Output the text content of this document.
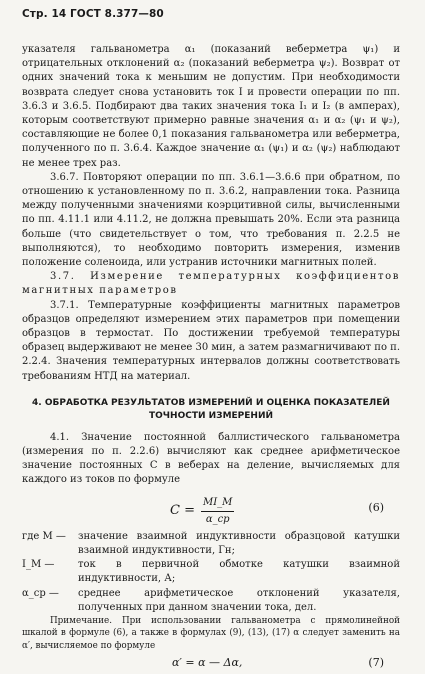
Стр. 14 ГОСТ 8.377—80

указателя гальванометра α₁ (показаний веберметра ψ₁) и отрицательных отклонений α₂ (показаний веберметра ψ₂). Возврат от одних значений тока к меньшим не допустим. При необходимости возврата следует снова установить ток I и провести операции по пп. 3.6.3 и 3.6.5. Подбирают два таких значения тока I₁ и I₂ (в амперах), которым соответствуют примерно равные значения α₁ и α₂ (ψ₁ и ψ₂), составляющие не более 0,1 показания гальванометра или веберметра, полученного по п. 3.6.4. Каждое значение α₁ (ψ₁) и α₂ (ψ₂) наблюдают не менее трех раз.

3.6.7. Повторяют операции по пп. 3.6.1—3.6.6 при обратном, по отношению к установленному по п. 3.6.2, направлении тока. Разница между полученными значениями коэрцитивной силы, вычисленными по пп. 4.11.1 или 4.11.2, не должна превышать 20%. Если эта разница больше (что свидетельствует о том, что требования п. 2.2.5 не выполняются), то необходимо повторить измерения, изменив положение соленоида, или устранив источники магнитных полей.

3.7. Измерение температурных коэффициентов магнитных параметров

3.7.1. Температурные коэффициенты магнитных параметров образцов определяют измерением этих параметров при помещении образцов в термостат. По достижении требуемой температуры образец выдерживают не менее 30 мин, а затем размагничивают по п. 2.2.4. Значения температурных интервалов должны соответствовать требованиям НТД на материал.

4. ОБРАБОТКА РЕЗУЛЬТАТОВ ИЗМЕРЕНИЙ И ОЦЕНКА ПОКАЗАТЕЛЕЙ
ТОЧНОСТИ ИЗМЕРЕНИЙ

4.1. Значение постоянной баллистического гальванометра (измерения по п. 2.2.6) вычисляют как среднее арифметическое значение постоянных C в веберах на деление, вычисляемых для каждого из токов по формуле

$C = \frac{MI\_M}{\alpha\_ср}$	(6)
где M —	значение взаимной индуктивности образцовой катушки взаимной индуктивности, Гн;
I_M —	ток в первичной обмотке катушки взаимной индуктивности, А;
α_ср —	среднее арифметическое отклонений указателя, полученных при данном значении тока, дел.

Примечание. При использовании гальванометра с прямолинейной шкалой в формуле (6), а также в формулах (9), (13), (17) α следует заменить на α′, вычисляемое по формуле

α′ = α — Δα,	(7)
